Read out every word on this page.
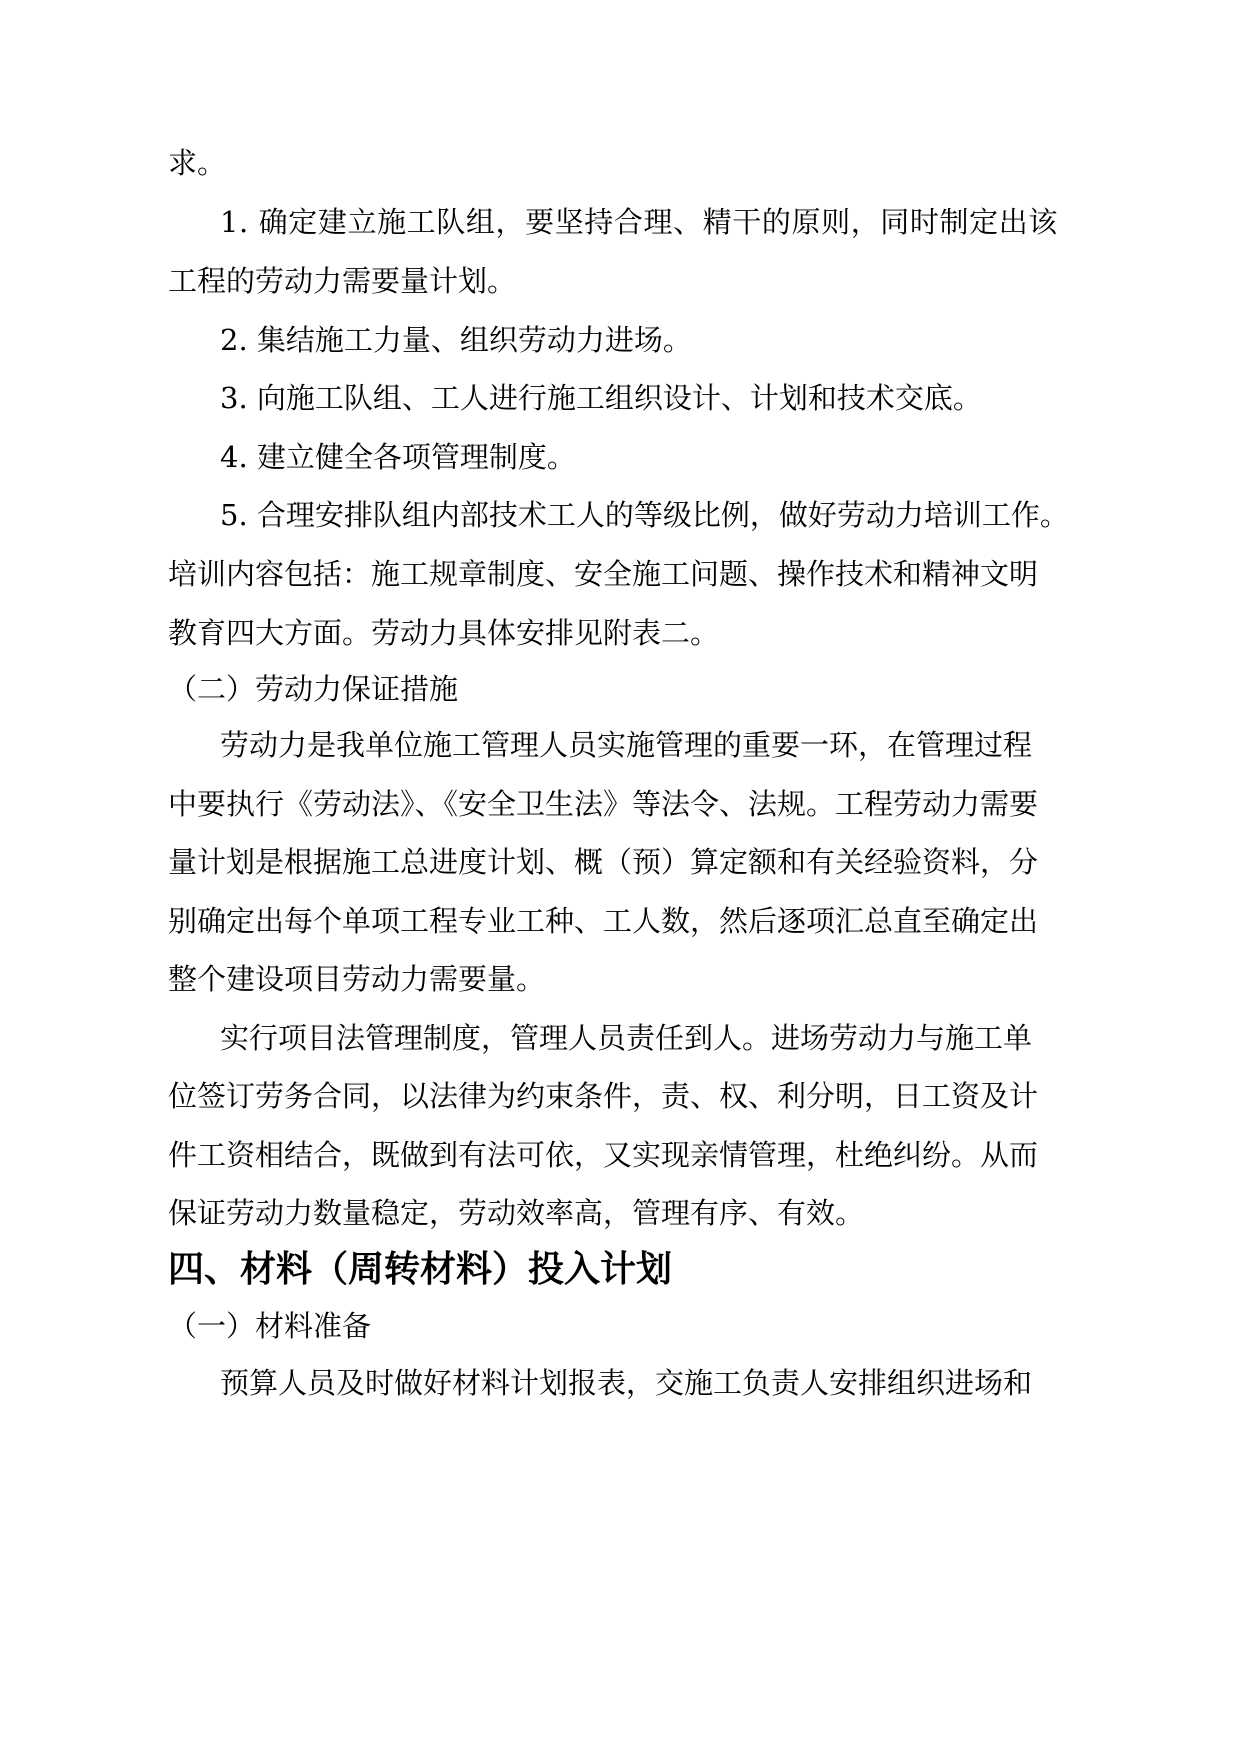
求。
1. 确定建立施工队组，要坚持合理、精干的原则，同时制定出该
工程的劳动力需要量计划。
2. 集结施工力量、组织劳动力进场。
3. 向施工队组、工人进行施工组织设计、计划和技术交底。
4. 建立健全各项管理制度。
5. 合理安排队组内部技术工人的等级比例，做好劳动力培训工作。
培训内容包括：施工规章制度、安全施工问题、操作技术和精神文明
教育四大方面。劳动力具体安排见附表二。
（二）劳动力保证措施
劳动力是我单位施工管理人员实施管理的重要一环，在管理过程
中要执行《劳动法》、《安全卫生法》等法令、法规。工程劳动力需要
量计划是根据施工总进度计划、概（预）算定额和有关经验资料，分
别确定出每个单项工程专业工种、工人数，然后逐项汇总直至确定出
整个建设项目劳动力需要量。
实行项目法管理制度，管理人员责任到人。进场劳动力与施工单
位签订劳务合同，以法律为约束条件，责、权、利分明，日工资及计
件工资相结合，既做到有法可依，又实现亲情管理，杜绝纠纷。从而
保证劳动力数量稳定，劳动效率高，管理有序、有效。
四、材料（周转材料）投入计划
（一）材料准备
预算人员及时做好材料计划报表，交施工负责人安排组织进场和
